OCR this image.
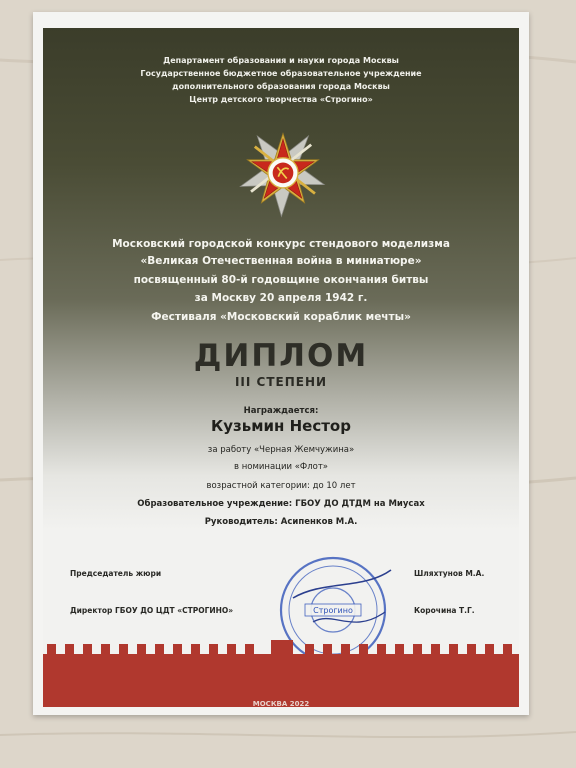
Департамент образования и науки города Москвы
Государственное бюджетное образовательное учреждение
дополнительного образования города Москвы
Центр детского творчества «Строгино»
Московский городской конкурс стендового моделизма
«Великая Отечественная война в миниатюре»
посвященный 80-й годовщине окончания битвы
за Москву 20 апреля 1942 г.
Фестиваля «Московский кораблик мечты»
ДИПЛОМ
III СТЕПЕНИ
Награждается:
Кузьмин Нестор
за работу «Черная Жемчужина»
в номинации «Флот»
возрастной категории: до 10 лет
Образовательное учреждение: ГБОУ ДО ДТДМ на Миусах
Руководитель: Асипенков М.А.
Строгино
Председатель жюри	Шляхтунов М.А.
Директор ГБОУ ДО ЦДТ «СТРОГИНО»	Корочина Т.Г.
МОСКВА 2022
